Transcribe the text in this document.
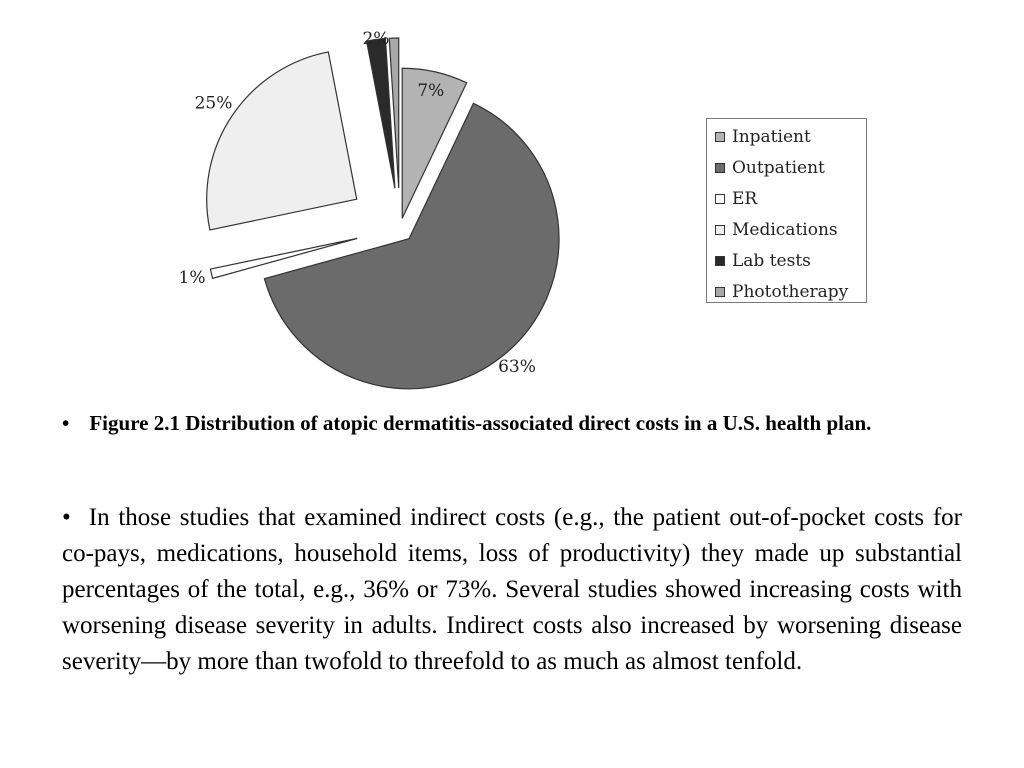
7%
63%
1%
25%
2%
Inpatient
Outpatient
ER
Medications
Lab tests
Phototherapy

• Figure 2.1 Distribution of atopic dermatitis-associated direct costs in a U.S. health plan.

• In those studies that examined indirect costs (e.g., the patient out-of-pocket costs for co-pays, medications, household items, loss of productivity) they made up substantial percentages of the total, e.g., 36% or 73%. Several studies showed increasing costs with worsening disease severity in adults. Indirect costs also increased by worsening disease severity—by more than twofold to threefold to as much as almost tenfold.
